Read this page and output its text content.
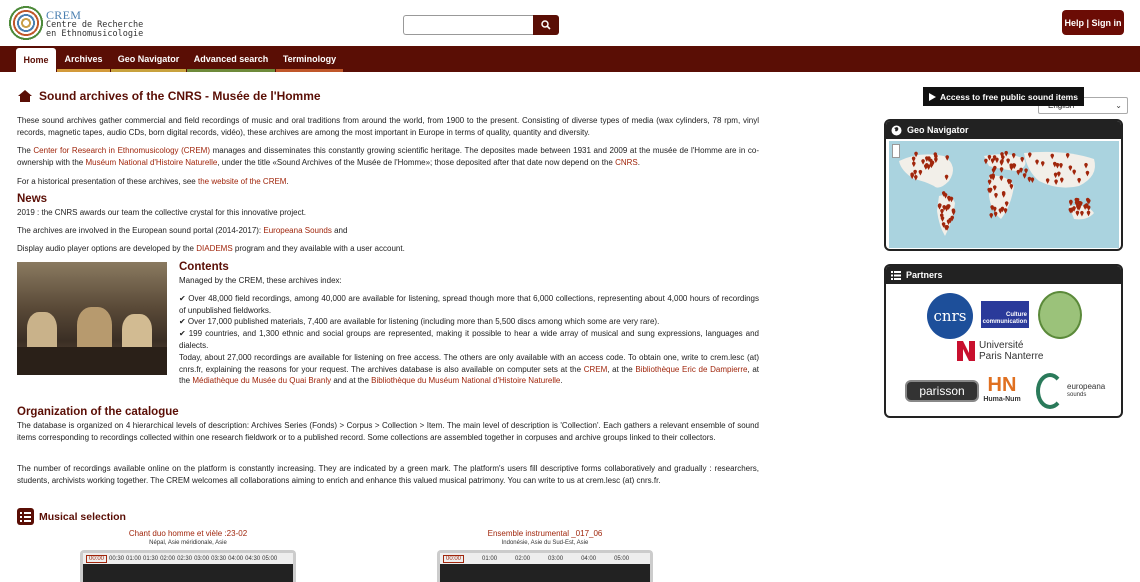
CREM
Centre de Recherche
en Ethnomusicologie
Help | Sign in
Home Archives Geo Navigator Advanced search Terminology
⌄
Sound archives of the CNRS - Musée de l'Homme
These sound archives gather commercial and field recordings of music and oral traditions from around the world, from 1900 to the present. Consisting of diverse types of media (wax cylinders, 78 rpm, vinyl records, magnetic tapes, audio CDs, born digital records, vidéo), these archives are among the most important in Europe in terms of quality, quantity and diversity.
The Center for Research in Ethnomusicology (CREM) manages and disseminates this constantly growing scientific heritage. The deposites made between 1931 and 2009 at the musée de l'Homme are in co-ownership with the Muséum National d'Histoire Naturelle, under the title «Sound Archives of the Musée de l'Homme»; those deposited after that date now depend on the CNRS.
For a historical presentation of these archives, see the website of the CREM.
News
2019 : the CNRS awards our team the collective crystal for this innovative project.
The archives are involved in the European sound portal (2014-2017): Europeana Sounds and
Display audio player options are developed by the DIADEMS program and they available with a user account.
Contents
Managed by the CREM, these archives index:
✔ Over 48,000 field recordings, among 40,000 are available for listening, spread though more that 6,000 collections, representing about 4,000 hours of recordings of unpublished fieldworks.
✔ Over 17,000 published materials, 7,400 are available for listening (including more than 5,500 discs among which some are very rare).
✔ 199 countries, and 1,300 ethnic and social groups are represented, making it possible to hear a wide array of musical and sung expressions, languages and dialects.
Today, about 27,000 recordings are available for listening on free access. The others are only available with an access code. To obtain one, write to crem.lesc (at) cnrs.fr, explaining the reasons for your request. The archives database is also available on computer sets at the CREM, at the Bibliothèque Eric de Dampierre, at the Médiathèque du Musée du Quai Branly and at the Bibliothèque du Muséum National d'Histoire Naturelle.
Organization of the catalogue
The database is organized on 4 hierarchical levels of description: Archives Series (Fonds) > Corpus > Collection > Item. The main level of description is 'Collection'. Each gathers a relevant ensemble of sound items corresponding to recordings collected within one research fieldwork or to a published record. Some collections are assembled together in corpuses and archive groups linked to their collectors.
The number of recordings available online on the platform is constantly increasing. They are indicated by a green mark. The platform's users fill descriptive forms collaboratively and gradually : researchers, students, archivists working together. The CREM welcomes all collaborations aiming to enrich and enhance this valued musical patrimony. You can write to us at crem.lesc (at) cnrs.fr.
Musical selection
Chant duo homme et vièle :23-02
Népal, Asie méridionale, Asie
00:00 00:30 01:00 01:30 02:00 02:30 03:00 03:30 04:00 04:30 05:00
Ensemble instrumental _017_06
Indonésie, Asie du Sud-Est, Asie
00:00	01:00	02:00	03:00	04:00	05:00
Access to free public sound items
Geo Navigator
Partners
cnrs	Culture communication
Université
Paris Nanterre
parisson	HN
Huma-Num
europeana
sounds
